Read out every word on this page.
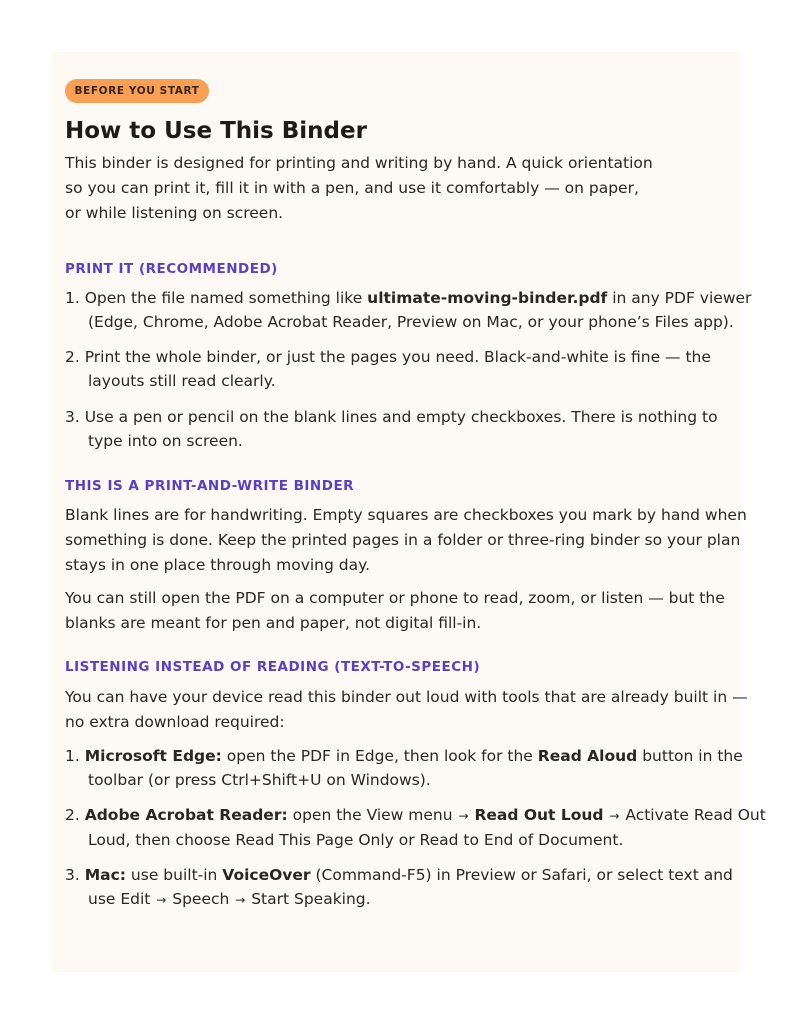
BEFORE YOU START
How to Use This Binder
This binder is designed for printing and writing by hand. A quick orientation
so you can print it, fill it in with a pen, and use it comfortably — on paper,
or while listening on screen.
PRINT IT (RECOMMENDED)
1. Open the file named something like ultimate-moving-binder.pdf in any PDF viewer
(Edge, Chrome, Adobe Acrobat Reader, Preview on Mac, or your phone’s Files app).
2. Print the whole binder, or just the pages you need. Black-and-white is fine — the
layouts still read clearly.
3. Use a pen or pencil on the blank lines and empty checkboxes. There is nothing to
type into on screen.
THIS IS A PRINT-AND-WRITE BINDER
Blank lines are for handwriting. Empty squares are checkboxes you mark by hand when
something is done. Keep the printed pages in a folder or three-ring binder so your plan
stays in one place through moving day.
You can still open the PDF on a computer or phone to read, zoom, or listen — but the
blanks are meant for pen and paper, not digital fill-in.
LISTENING INSTEAD OF READING (TEXT-TO-SPEECH)
You can have your device read this binder out loud with tools that are already built in —
no extra download required:
1. Microsoft Edge: open the PDF in Edge, then look for the Read Aloud button in the
toolbar (or press Ctrl+Shift+U on Windows).
2. Adobe Acrobat Reader: open the View menu → Read Out Loud → Activate Read Out
Loud, then choose Read This Page Only or Read to End of Document.
3. Mac: use built-in VoiceOver (Command-F5) in Preview or Safari, or select text and
use Edit → Speech → Start Speaking.
